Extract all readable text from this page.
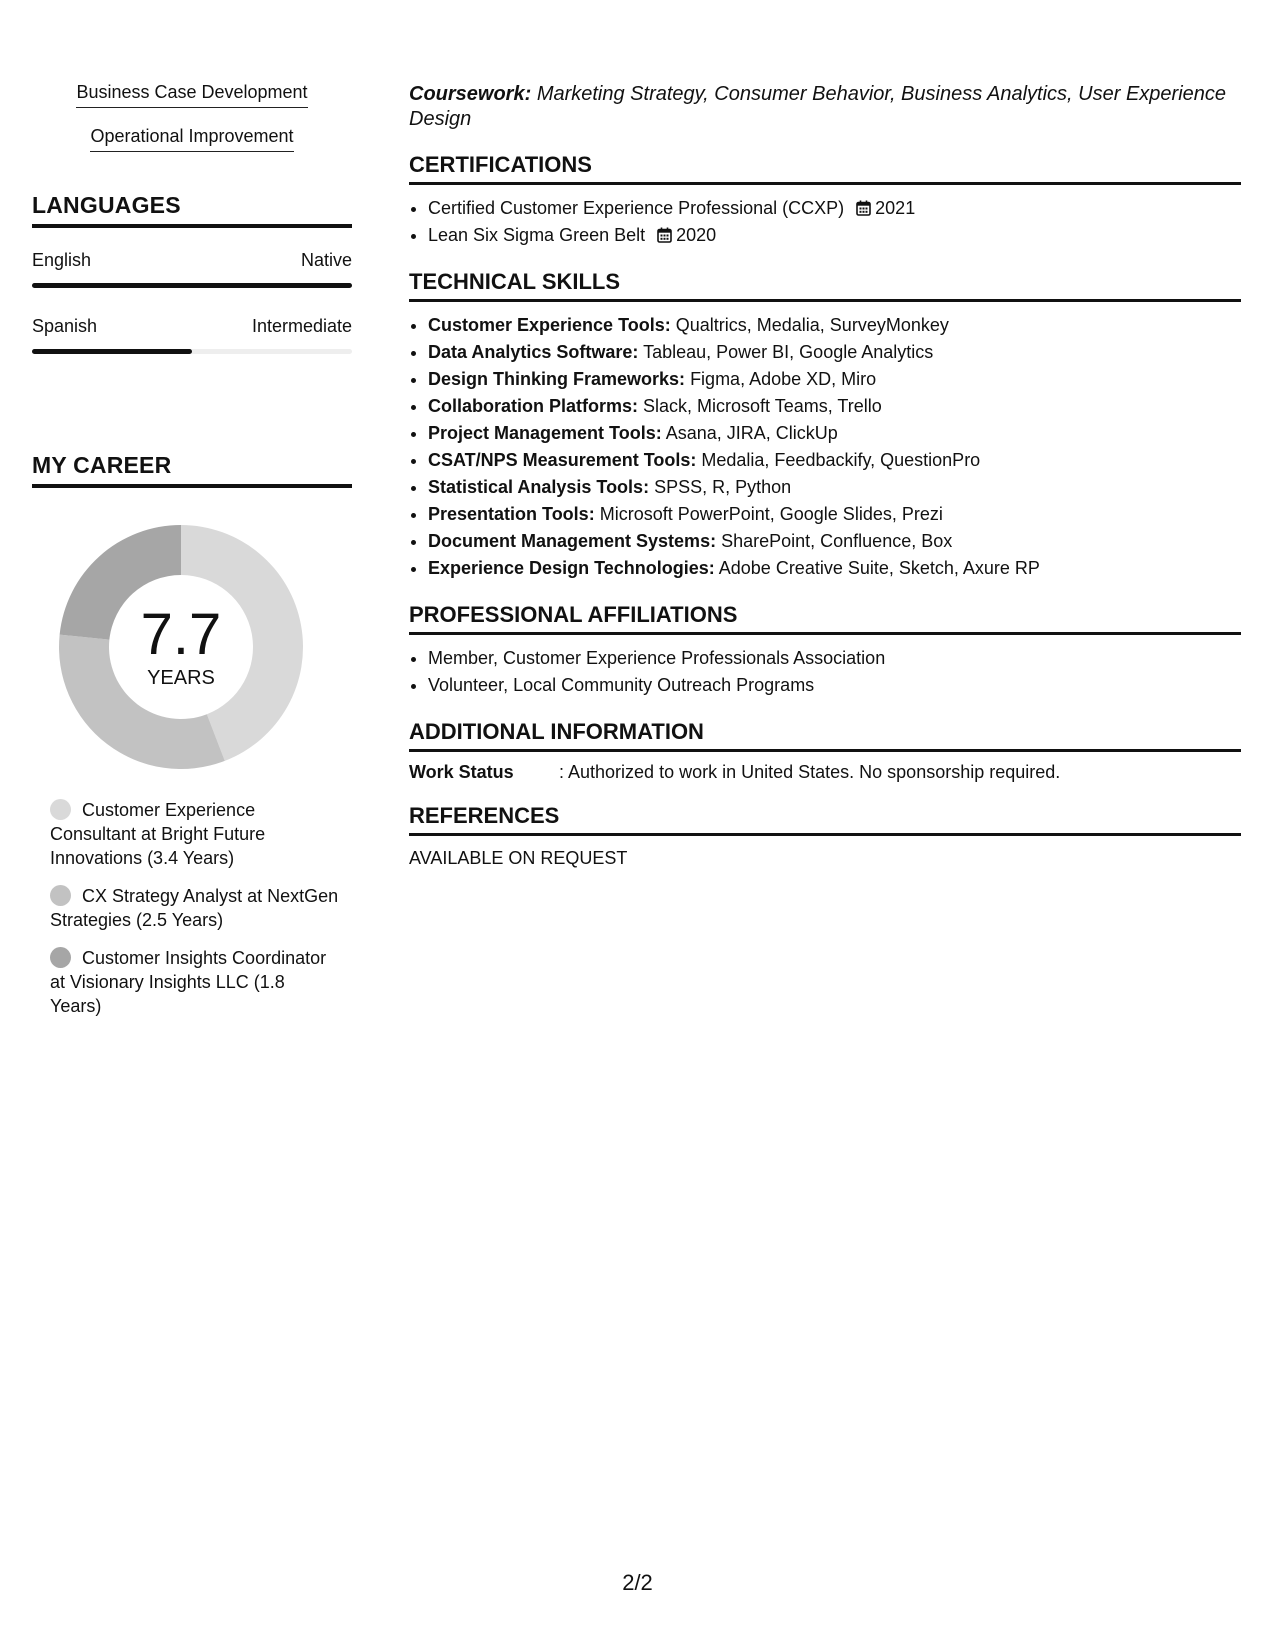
Business Case Development
Operational Improvement
LANGUAGES
English	Native
Spanish	Intermediate
MY CAREER
7.7
YEARS
Customer Experience Consultant at Bright Future Innovations (3.4 Years)
CX Strategy Analyst at NextGen Strategies (2.5 Years)
Customer Insights Coordinator at Visionary Insights LLC (1.8 Years)

Coursework: Marketing Strategy, Consumer Behavior, Business Analytics, User Experience Design

CERTIFICATIONS
• Certified Customer Experience Professional (CCXP) 2021
• Lean Six Sigma Green Belt 2020
TECHNICAL SKILLS
• Customer Experience Tools: Qualtrics, Medalia, SurveyMonkey
• Data Analytics Software: Tableau, Power BI, Google Analytics
• Design Thinking Frameworks: Figma, Adobe XD, Miro
• Collaboration Platforms: Slack, Microsoft Teams, Trello
• Project Management Tools: Asana, JIRA, ClickUp
• CSAT/NPS Measurement Tools: Medalia, Feedbackify, QuestionPro
• Statistical Analysis Tools: SPSS, R, Python
• Presentation Tools: Microsoft PowerPoint, Google Slides, Prezi
• Document Management Systems: SharePoint, Confluence, Box
• Experience Design Technologies: Adobe Creative Suite, Sketch, Axure RP
PROFESSIONAL AFFILIATIONS
• Member, Customer Experience Professionals Association
• Volunteer, Local Community Outreach Programs
ADDITIONAL INFORMATION
Work Status	: Authorized to work in United States. No sponsorship required.
REFERENCES
AVAILABLE ON REQUEST
2/2
